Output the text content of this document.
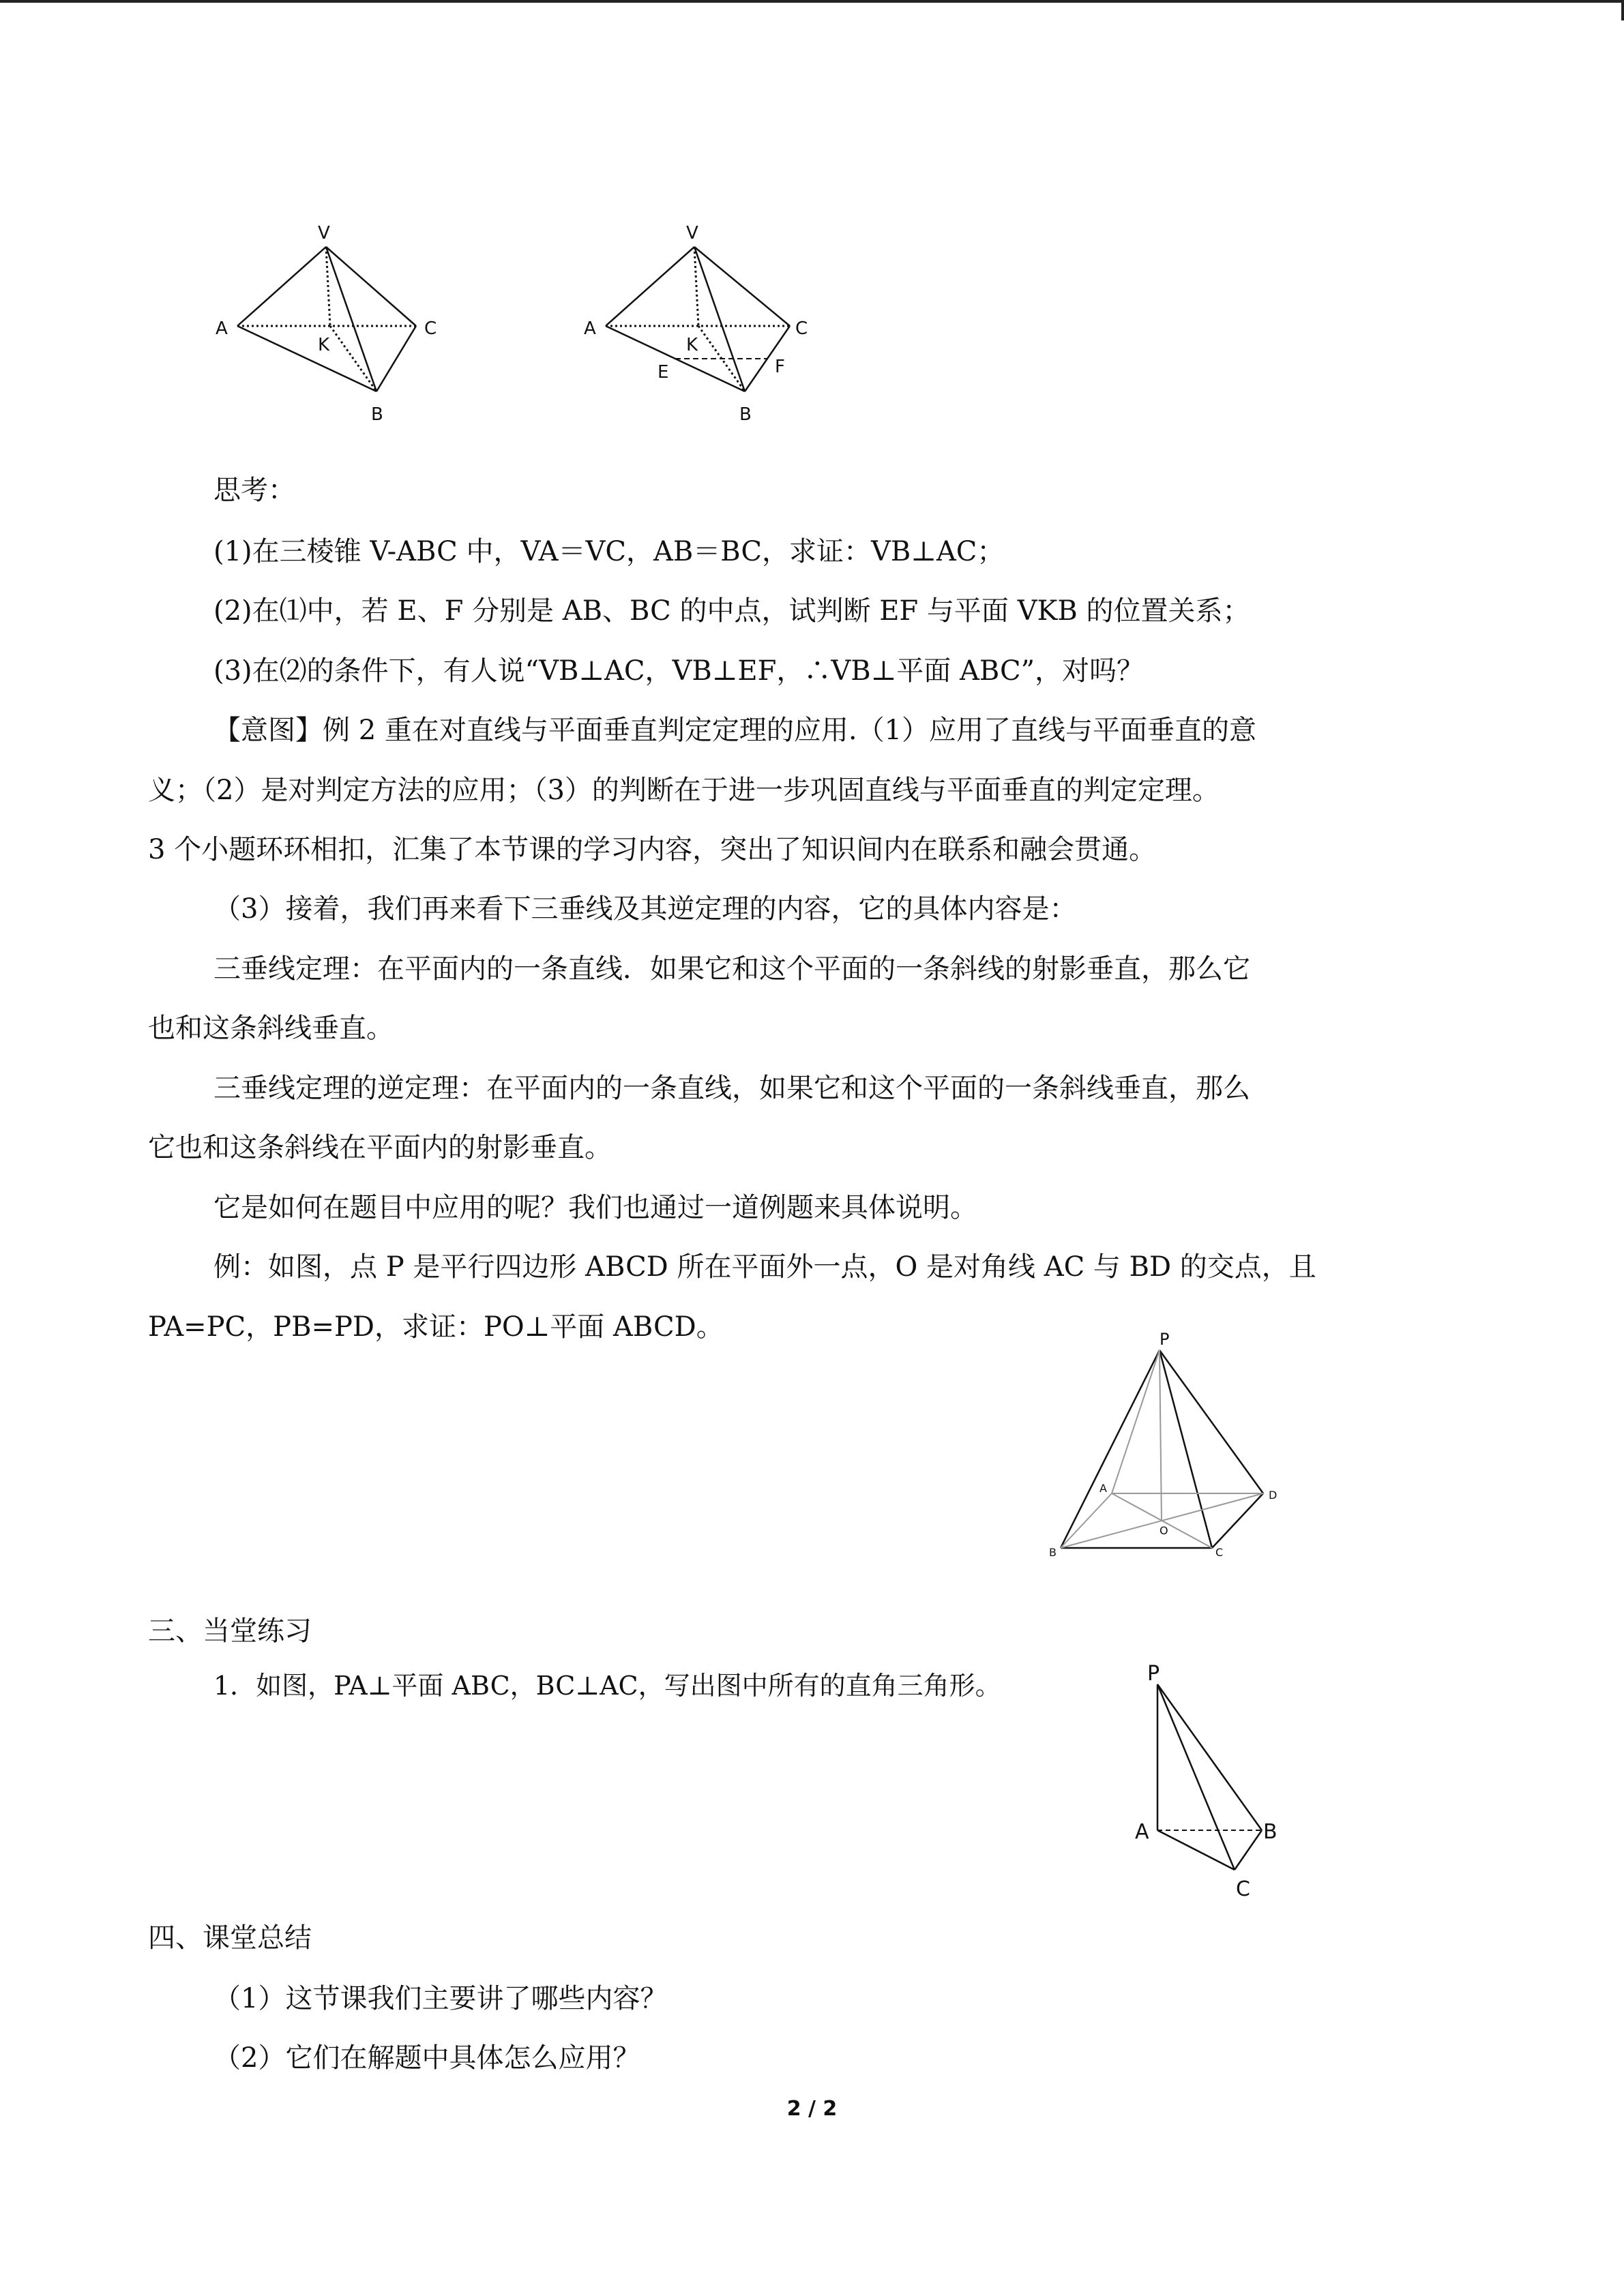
V
A	C
K
B
V
A	C
K
E	F
B
思考：
(1)在三棱锥 V-ABC 中，VA＝VC，AB＝BC，求证：VB⊥AC；
(2)在⑴中，若 E、F 分别是 AB、BC 的中点，试判断 EF 与平面 VKB 的位置关系；
(3)在⑵的条件下，有人说“VB⊥AC，VB⊥EF，∴VB⊥平面 ABC”，对吗？
【意图】例 2 重在对直线与平面垂直判定定理的应用.（1）应用了直线与平面垂直的意
义；（2）是对判定方法的应用；（3）的判断在于进一步巩固直线与平面垂直的判定定理。
3 个小题环环相扣，汇集了本节课的学习内容，突出了知识间内在联系和融会贯通。
（3）接着，我们再来看下三垂线及其逆定理的内容，它的具体内容是：
三垂线定理：在平面内的一条直线．如果它和这个平面的一条斜线的射影垂直，那么它
也和这条斜线垂直。
三垂线定理的逆定理：在平面内的一条直线，如果它和这个平面的一条斜线垂直，那么
它也和这条斜线在平面内的射影垂直。
它是如何在题目中应用的呢？我们也通过一道例题来具体说明。
例：如图，点 P 是平行四边形 ABCD 所在平面外一点，O 是对角线 AC 与 BD 的交点，且
PA=PC，PB=PD，求证：PO⊥平面 ABCD。	P
A
D
O
B	C
三、当堂练习
1．如图，PA⊥平面 ABC，BC⊥AC，写出图中所有的直角三角形。	P
A	B
C
四、课堂总结
（1）这节课我们主要讲了哪些内容？
（2）它们在解题中具体怎么应用？
2 / 2
